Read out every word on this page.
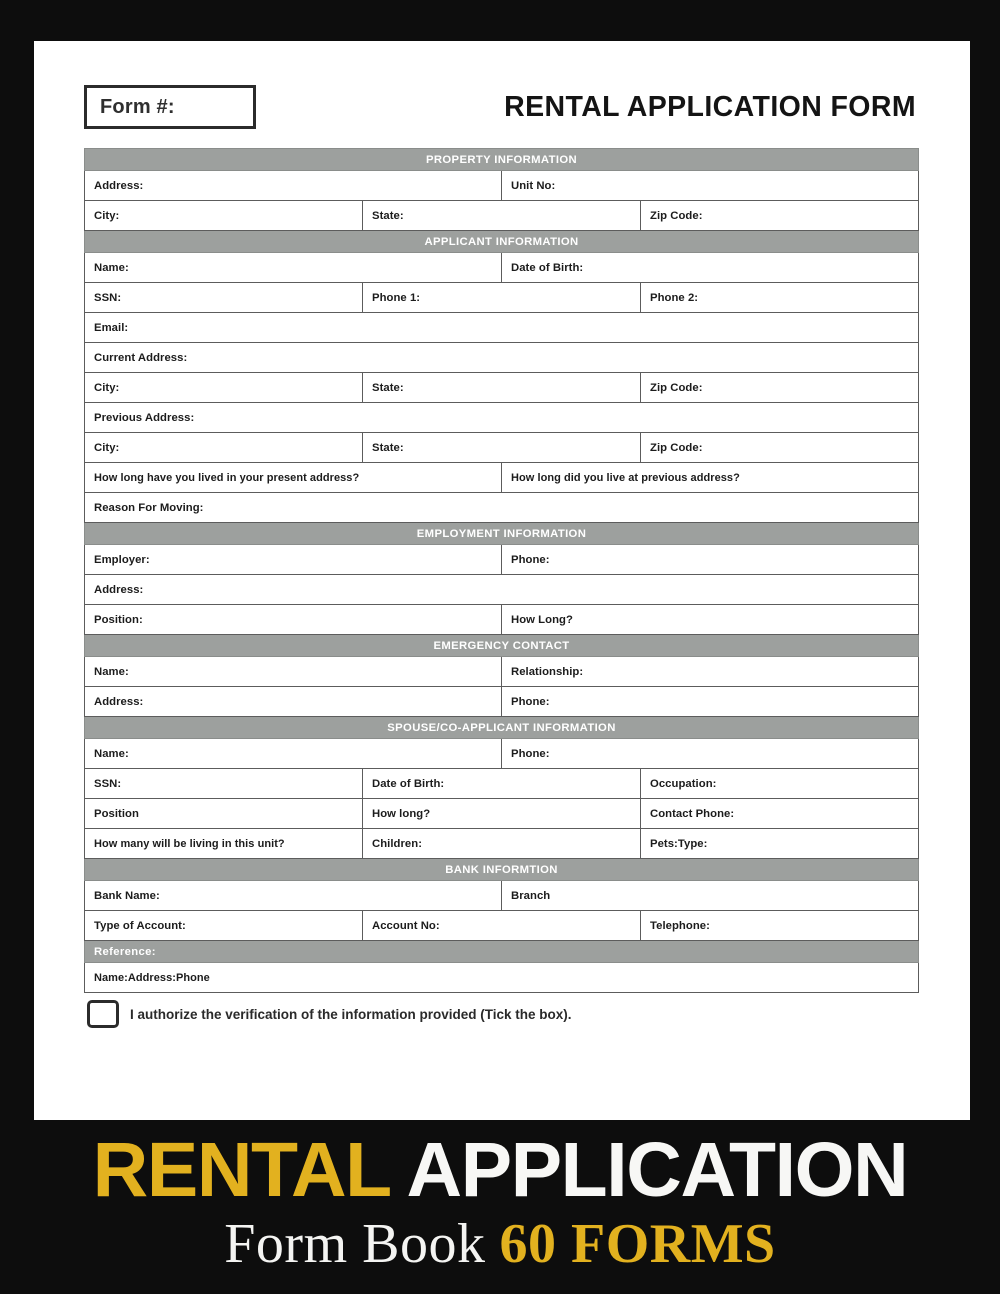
Form #:	RENTAL APPLICATION FORM
PROPERTY INFORMATION			
Address:		Unit No:	
City:	State:		Zip Code:
APPLICANT INFORMATION			
Name:		Date of Birth:	
SSN:	Phone 1:		Phone 2:
Email:			
Current Address:			
City:	State:		Zip Code:
Previous Address:			
City:	State:		Zip Code:
How long have you lived in your present address?		How long did you live at previous address?	
Reason For Moving:			
EMPLOYMENT INFORMATION			
Employer:		Phone:	
Address:			
Position:		How Long?	
EMERGENCY CONTACT			
Name:		Relationship:	
Address:		Phone:	
SPOUSE/CO-APPLICANT INFORMATION			
Name:		Phone:	
SSN:	Date of Birth:		Occupation:
Position	How long?		Contact Phone:
How many will be living in this unit?	Children:		Pets:Type:
BANK INFORMTION			
Bank Name:		Branch	
Type of Account:	Account No:		Telephone:
Reference:			
Name:Address:Phone			
I authorize the verification of the information provided (Tick the box).
RENTAL APPLICATION
Form Book 60 FORMS
